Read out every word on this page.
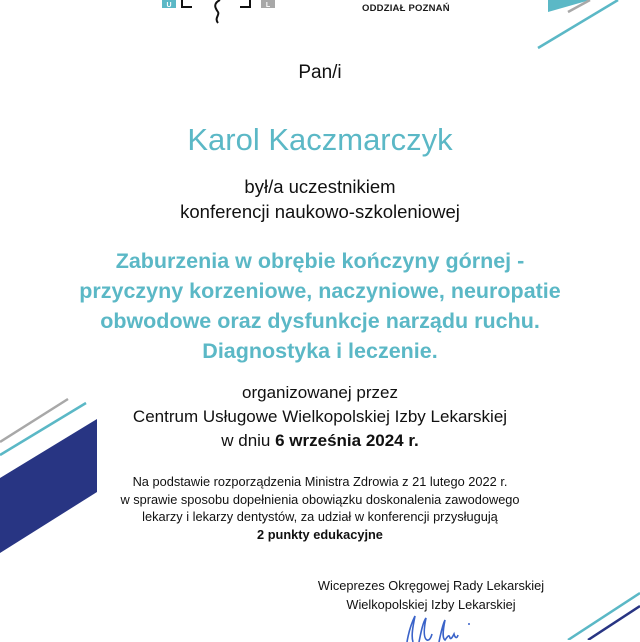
U	L	ODDZIAŁ POZNAŃ
Pan/i
Karol Kaczmarczyk
był/a uczestnikiem
konferencji naukowo-szkoleniowej
Zaburzenia w obrębie kończyny górnej -
przyczyny korzeniowe, naczyniowe, neuropatie
obwodowe oraz dysfunkcje narządu ruchu.
Diagnostyka i leczenie.
organizowanej przez
Centrum Usługowe Wielkopolskiej Izby Lekarskiej
w dniu 6 września 2024 r.
Na podstawie rozporządzenia Ministra Zdrowia z 21 lutego 2022 r.
w sprawie sposobu dopełnienia obowiązku doskonalenia zawodowego
lekarzy i lekarzy dentystów, za udział w konferencji przysługują
2 punkty edukacyjne
Wiceprezes Okręgowej Rady Lekarskiej
Wielkopolskiej Izby Lekarskiej
